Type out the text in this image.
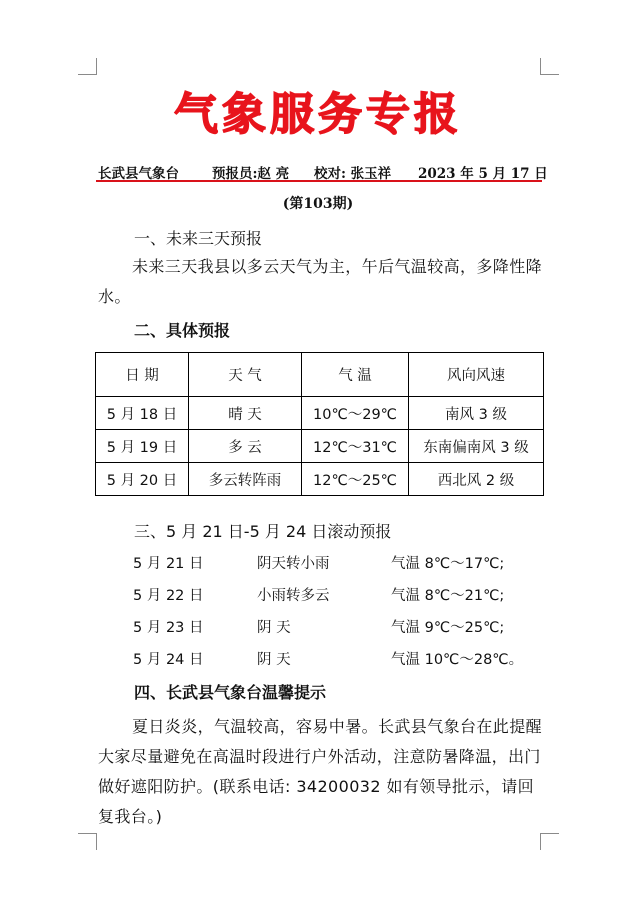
气象服务专报
长武县气象台 预报员:赵 亮 校对: 张玉祥 2023 年 5 月 17 日
(第103期)
一、未来三天预报
未来三天我县以多云天气为主，午后气温较高，多降性降水。
二、具体预报
日 期	天 气	气 温	风向风速
5 月 18 日	晴 天	10℃～29℃	南风 3 级
5 月 19 日	多 云	12℃～31℃	东南偏南风 3 级
5 月 20 日	多云转阵雨	12℃～25℃	西北风 2 级
三、5 月 21 日-5 月 24 日滚动预报
5 月 21 日	阴天转小雨	气温 8℃～17℃;
5 月 22 日	小雨转多云	气温 8℃～21℃;
5 月 23 日	阴 天	气温 9℃～25℃;
5 月 24 日	阴 天	气温 10℃～28℃。
四、长武县气象台温馨提示
夏日炎炎，气温较高，容易中暑。长武县气象台在此提醒大家尽量避免在高温时段进行户外活动，注意防暑降温，出门做好遮阳防护。(联系电话: 34200032 如有领导批示，请回复我台。)
